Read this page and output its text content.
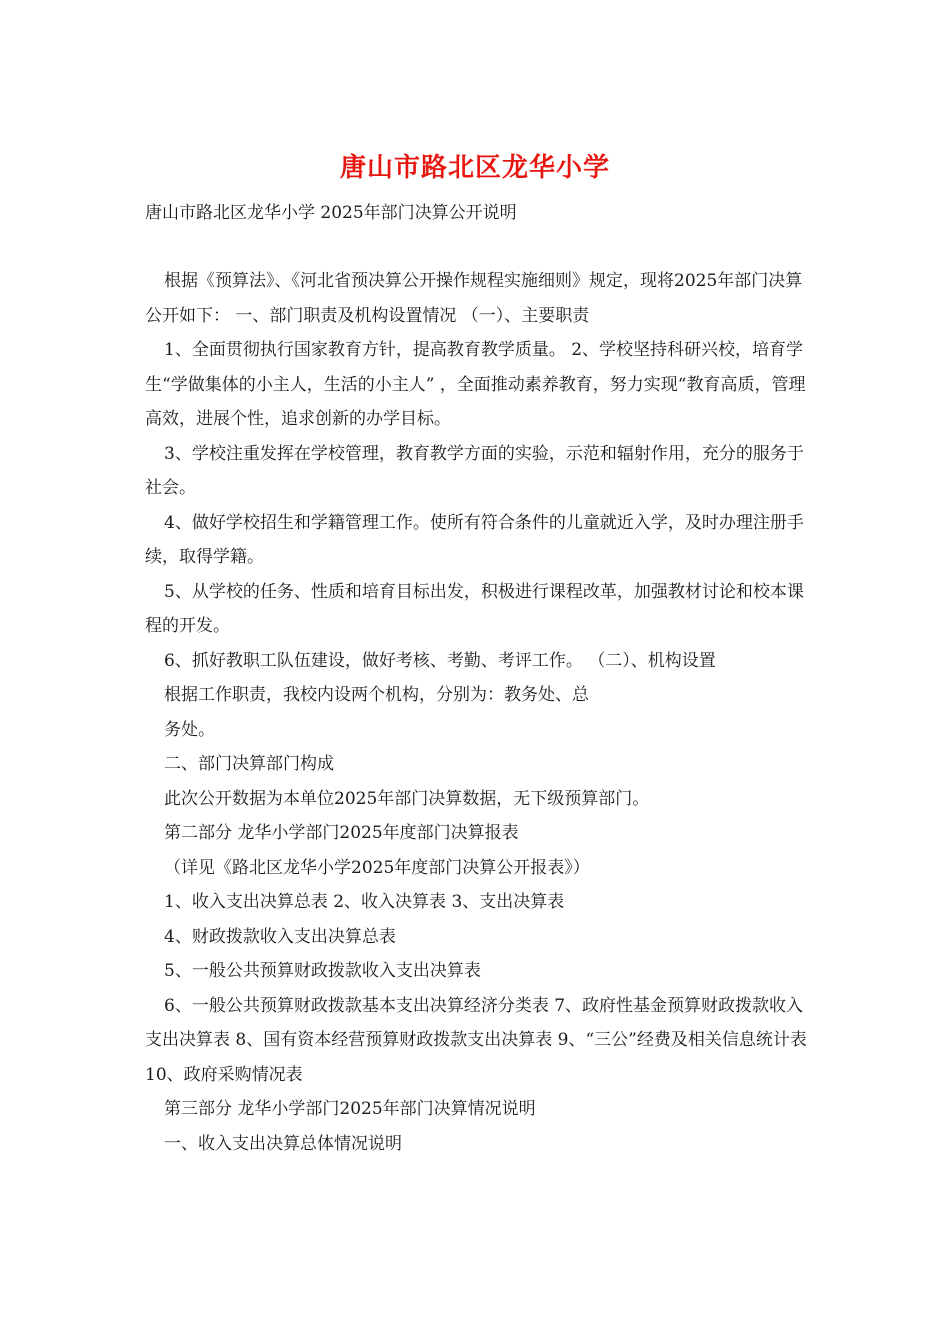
唐山市路北区龙华小学
唐山市路北区龙华小学 2025年部门决算公开说明

根据《预算法》、《河北省预决算公开操作规程实施细则》规定，现将2025年部门决算公开如下： 一、部门职责及机构设置情况 （一）、主要职责

1、全面贯彻执行国家教育方针，提高教育教学质量。 2、学校坚持科研兴校，培育学生“学做集体的小主人，生活的小主人” ，全面推动素养教育，努力实现“教育高质，管理高效，进展个性，追求创新的办学目标。

3、学校注重发挥在学校管理，教育教学方面的实验，示范和辐射作用，充分的服务于社会。

4、做好学校招生和学籍管理工作。使所有符合条件的儿童就近入学，及时办理注册手续，取得学籍。

5、从学校的任务、性质和培育目标出发，积极进行课程改革，加强教材讨论和校本课程的开发。

6、抓好教职工队伍建设，做好考核、考勤、考评工作。 （二）、机构设置

根据工作职责，我校内设两个机构，分别为：教务处、总

务处。

二、部门决算部门构成

此次公开数据为本单位2025年部门决算数据，无下级预算部门。

第二部分 龙华小学部门2025年度部门决算报表

（详见《路北区龙华小学2025年度部门决算公开报表》）

1、收入支出决算总表 2、收入决算表 3、支出决算表

4、财政拨款收入支出决算总表

5、一般公共预算财政拨款收入支出决算表

6、一般公共预算财政拨款基本支出决算经济分类表 7、政府性基金预算财政拨款收入支出决算表 8、国有资本经营预算财政拨款支出决算表 9、“三公”经费及相关信息统计表 10、政府采购情况表

第三部分 龙华小学部门2025年部门决算情况说明

一、收入支出决算总体情况说明
